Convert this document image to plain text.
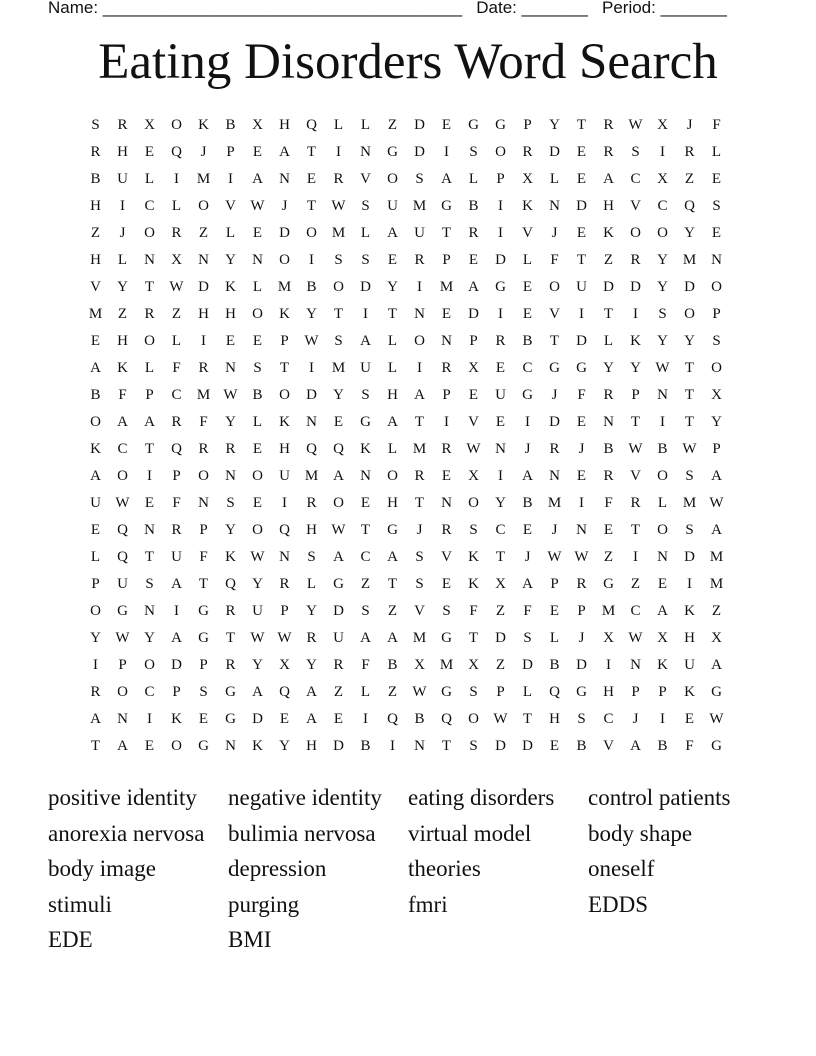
Name: ______________________________________ Date: _______ Period: _______
Eating Disorders Word Search
S	R	X	O	K	B	X	H	Q	L	L	Z	D	E	G	G	P	Y	T	R W X	J	F
R	H	E	Q	J	P	E	A	T	I	N	G	D	I	S	O	R	D	E	R	S	I	R	L
B	U	L	I	M	I	A	N	E	R	V	O	S	A	L	P	X	L	E	A	C	X	Z	E
H	I	C	L	O	V W	J	T	W	S	U M G	B	I	K	N	D	H	V	C	Q	S
Z	J	O	R	Z	L	E	D	O M	L	A	U	T	R	I	V	J	E	K	O	O	Y	E
H	L	N	X	N	Y	N	O	I	S	S	E	R	P	E	D	L	F	T	Z	R	Y M N
V	Y	T	W D	K	L	M	B	O	D	Y	I	M A	G	E	O	U	D	D	Y	D	O
M	Z	R	Z	H	H	O	K	Y	T	I	T	N	E	D	I	E	V	I	T	I	S	O	P
E	H	O	L	I	E	E	P	W	S	A	L	O	N	P	R	B	T	D	L	K	Y	Y	S
A	K	L	F	R	N	S	T	I	M U	L	I	R	X	E	C	G	G	Y	Y W	T	O
B	F	P	C	M W B	O	D	Y	S	H	A	P	E	U	G	J	F	R	P	N	T	X
O	A	A	R	F	Y	L	K	N	E	G	A	T	I	V	E	I	D	E	N	T	I	T	Y
K	C	T	Q	R	R	E	H	Q	Q	K	L	M	R W N	J	R	J	B W B W	P
A	O	I	P	O	N	O	U M A	N	O	R	E	X	I	A	N	E	R	V	O	S	A
U W	E	F	N	S	E	I	R	O	E	H	T	N	O	Y	B	M	I	F	R	L	M W
E	Q	N	R	P	Y	O	Q	H W	T	G	J	R	S	C	E	J	N	E	T	O	S	A
L	Q	T	U	F	K W N	S	A	C	A	S	V	K	T	J	W W	Z	I	N	D M
P	U	S	A	T	Q	Y	R	L	G	Z	T	S	E	K	X	A	P	R	G	Z	E	I	M
O	G	N	I	G	R	U	P	Y	D	S	Z	V	S	F	Z	F	E	P	M	C	A	K	Z
Y W Y	A	G	T	W W R	U	A	A M G	T	D	S	L	J	X W X	H	X
I	P	O	D	P	R	Y	X	Y	R	F	B	X M X	Z	D	B	D	I	N	K	U	A
R	O	C	P	S	G	A	Q	A	Z	L	Z	W G	S	P	L	Q	G	H	P	P	K	G
A	N	I	K	E	G	D	E	A	E	I	Q	B	Q	O W	T	H	S	C	J	I	E	W
T	A	E	O	G	N	K	Y	H	D	B	I	N	T	S	D	D	E	B	V	A	B	F	G
positive identity	negative identity	eating disorders	control patients
anorexia nervosa	bulimia nervosa	virtual model	body shape
body image	depression	theories	oneself
stimuli	purging	fmri	EDDS
EDE	BMI
